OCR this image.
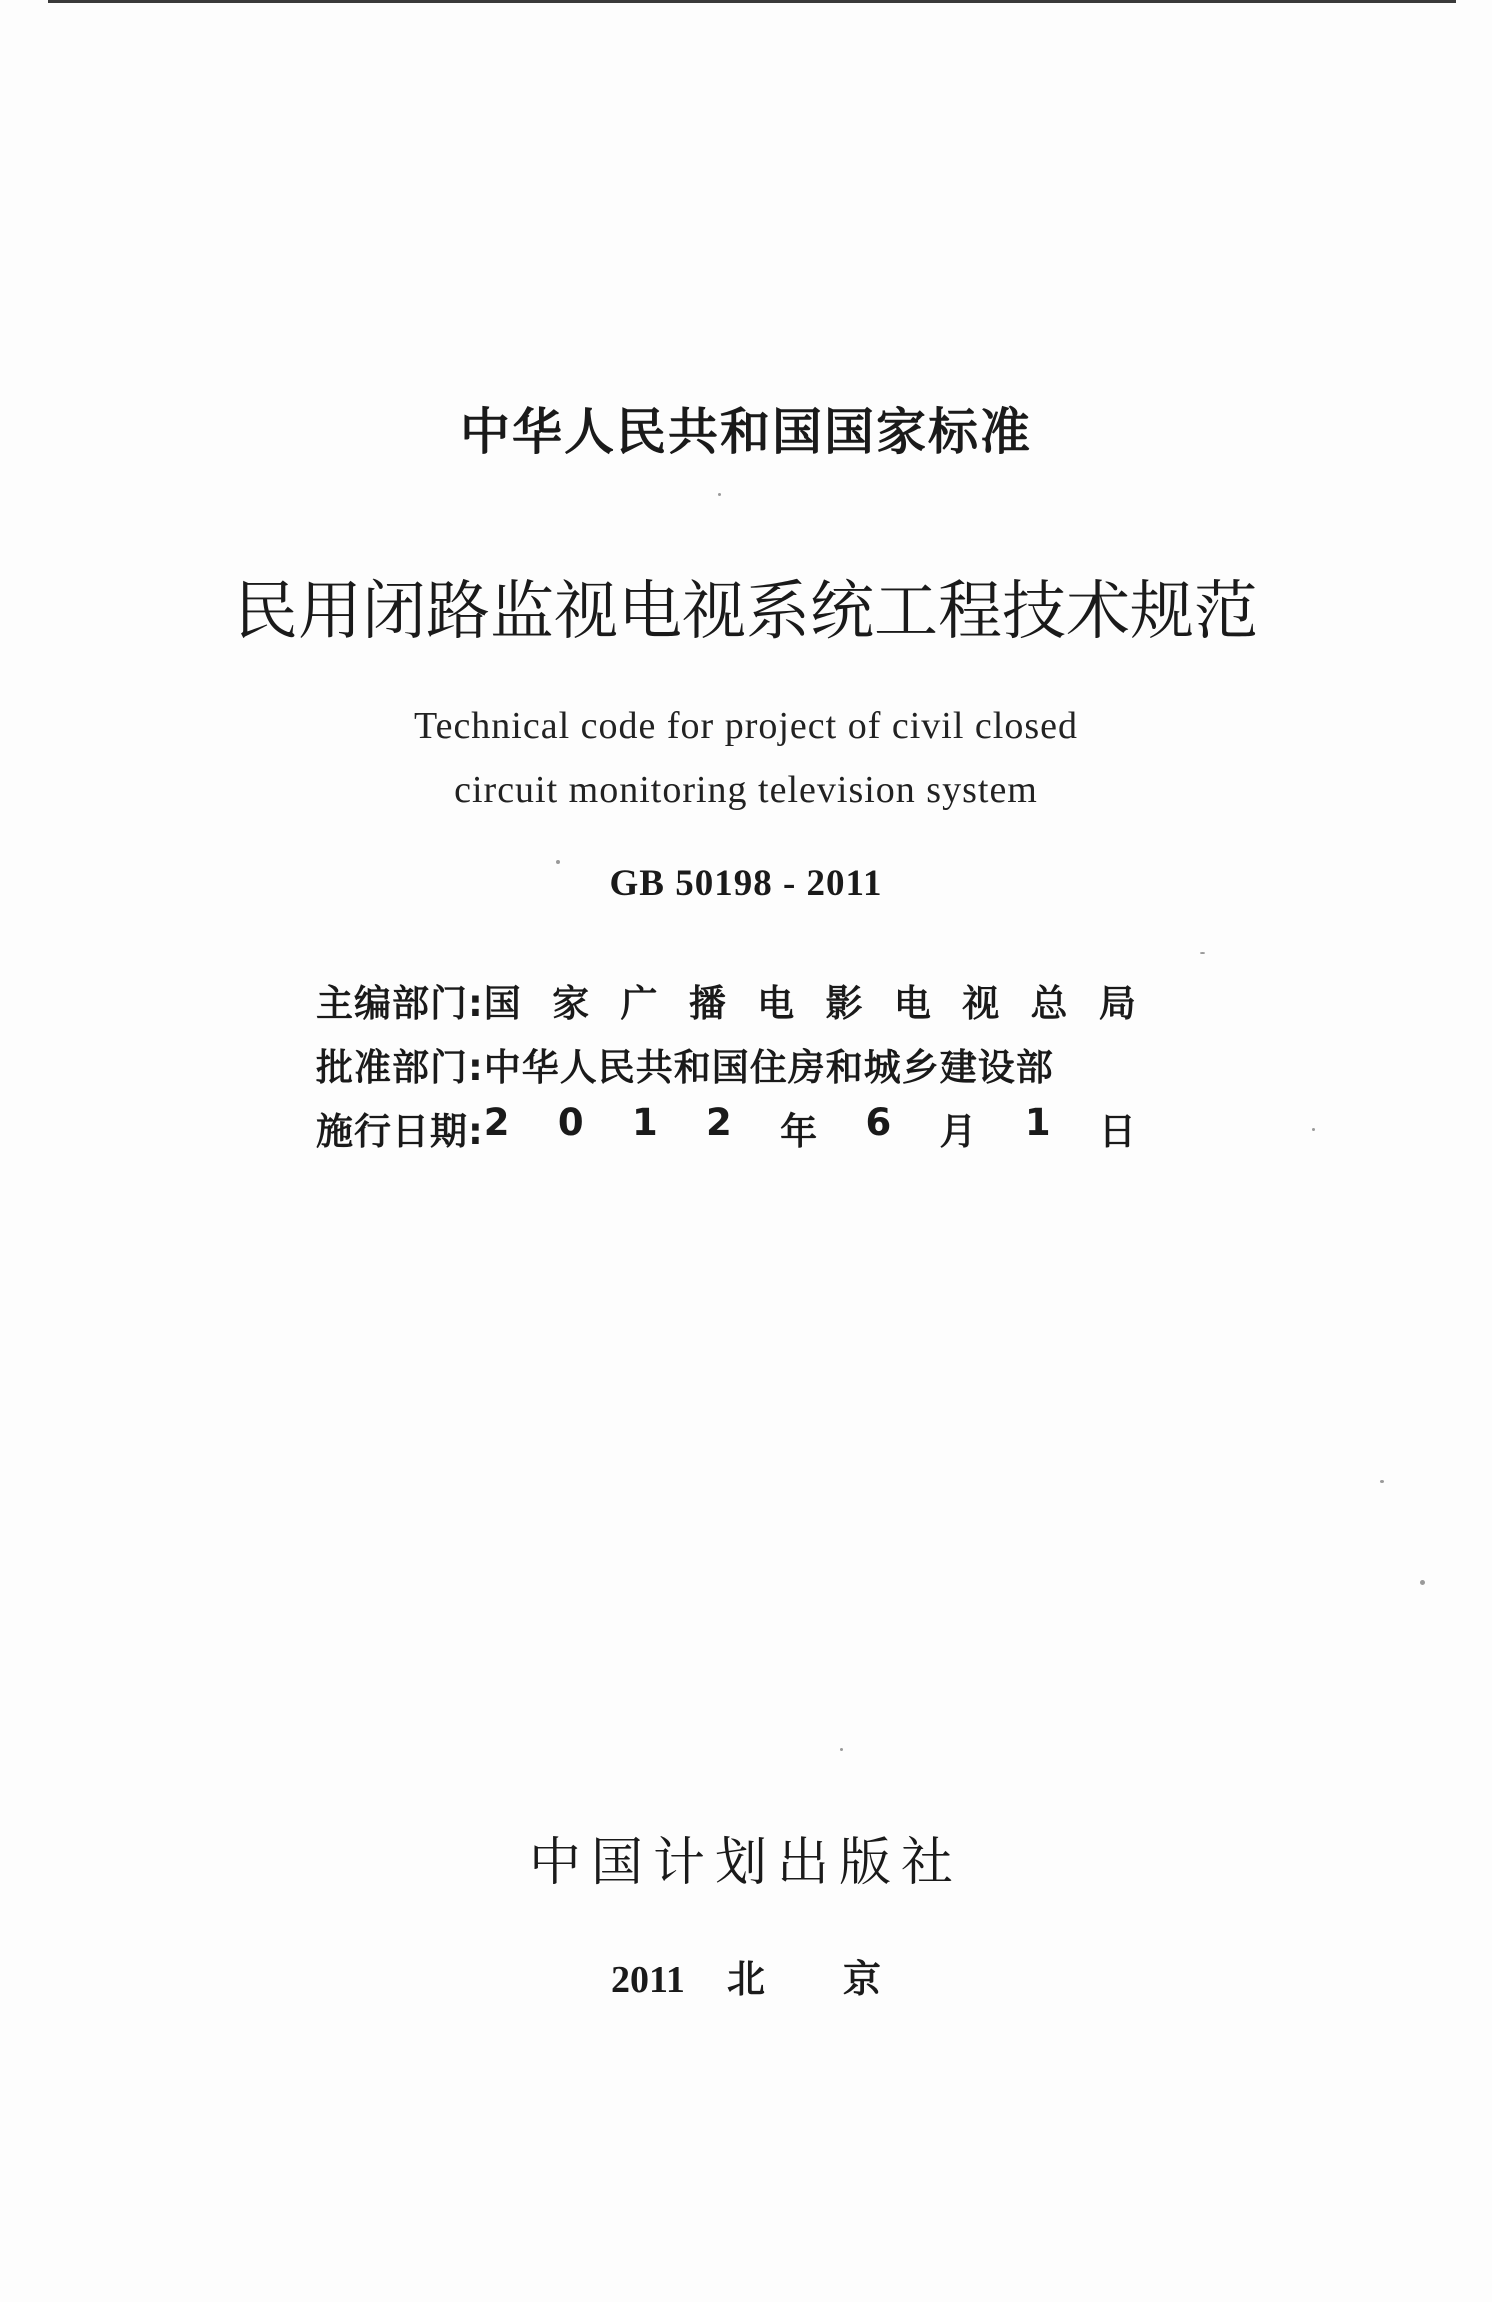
中华人民共和国国家标准
民用闭路监视电视系统工程技术规范
Technical code for project of civil closed
circuit monitoring television system
GB 50198 - 2011
主编部门: 国 家 广 播 电 影 电 视 总 局
批准部门: 中华人民共和国住房和城乡建设部
施行日期: 2 0 1 2 年 6 月 1 日
中国计划出版社
2011 北 京
